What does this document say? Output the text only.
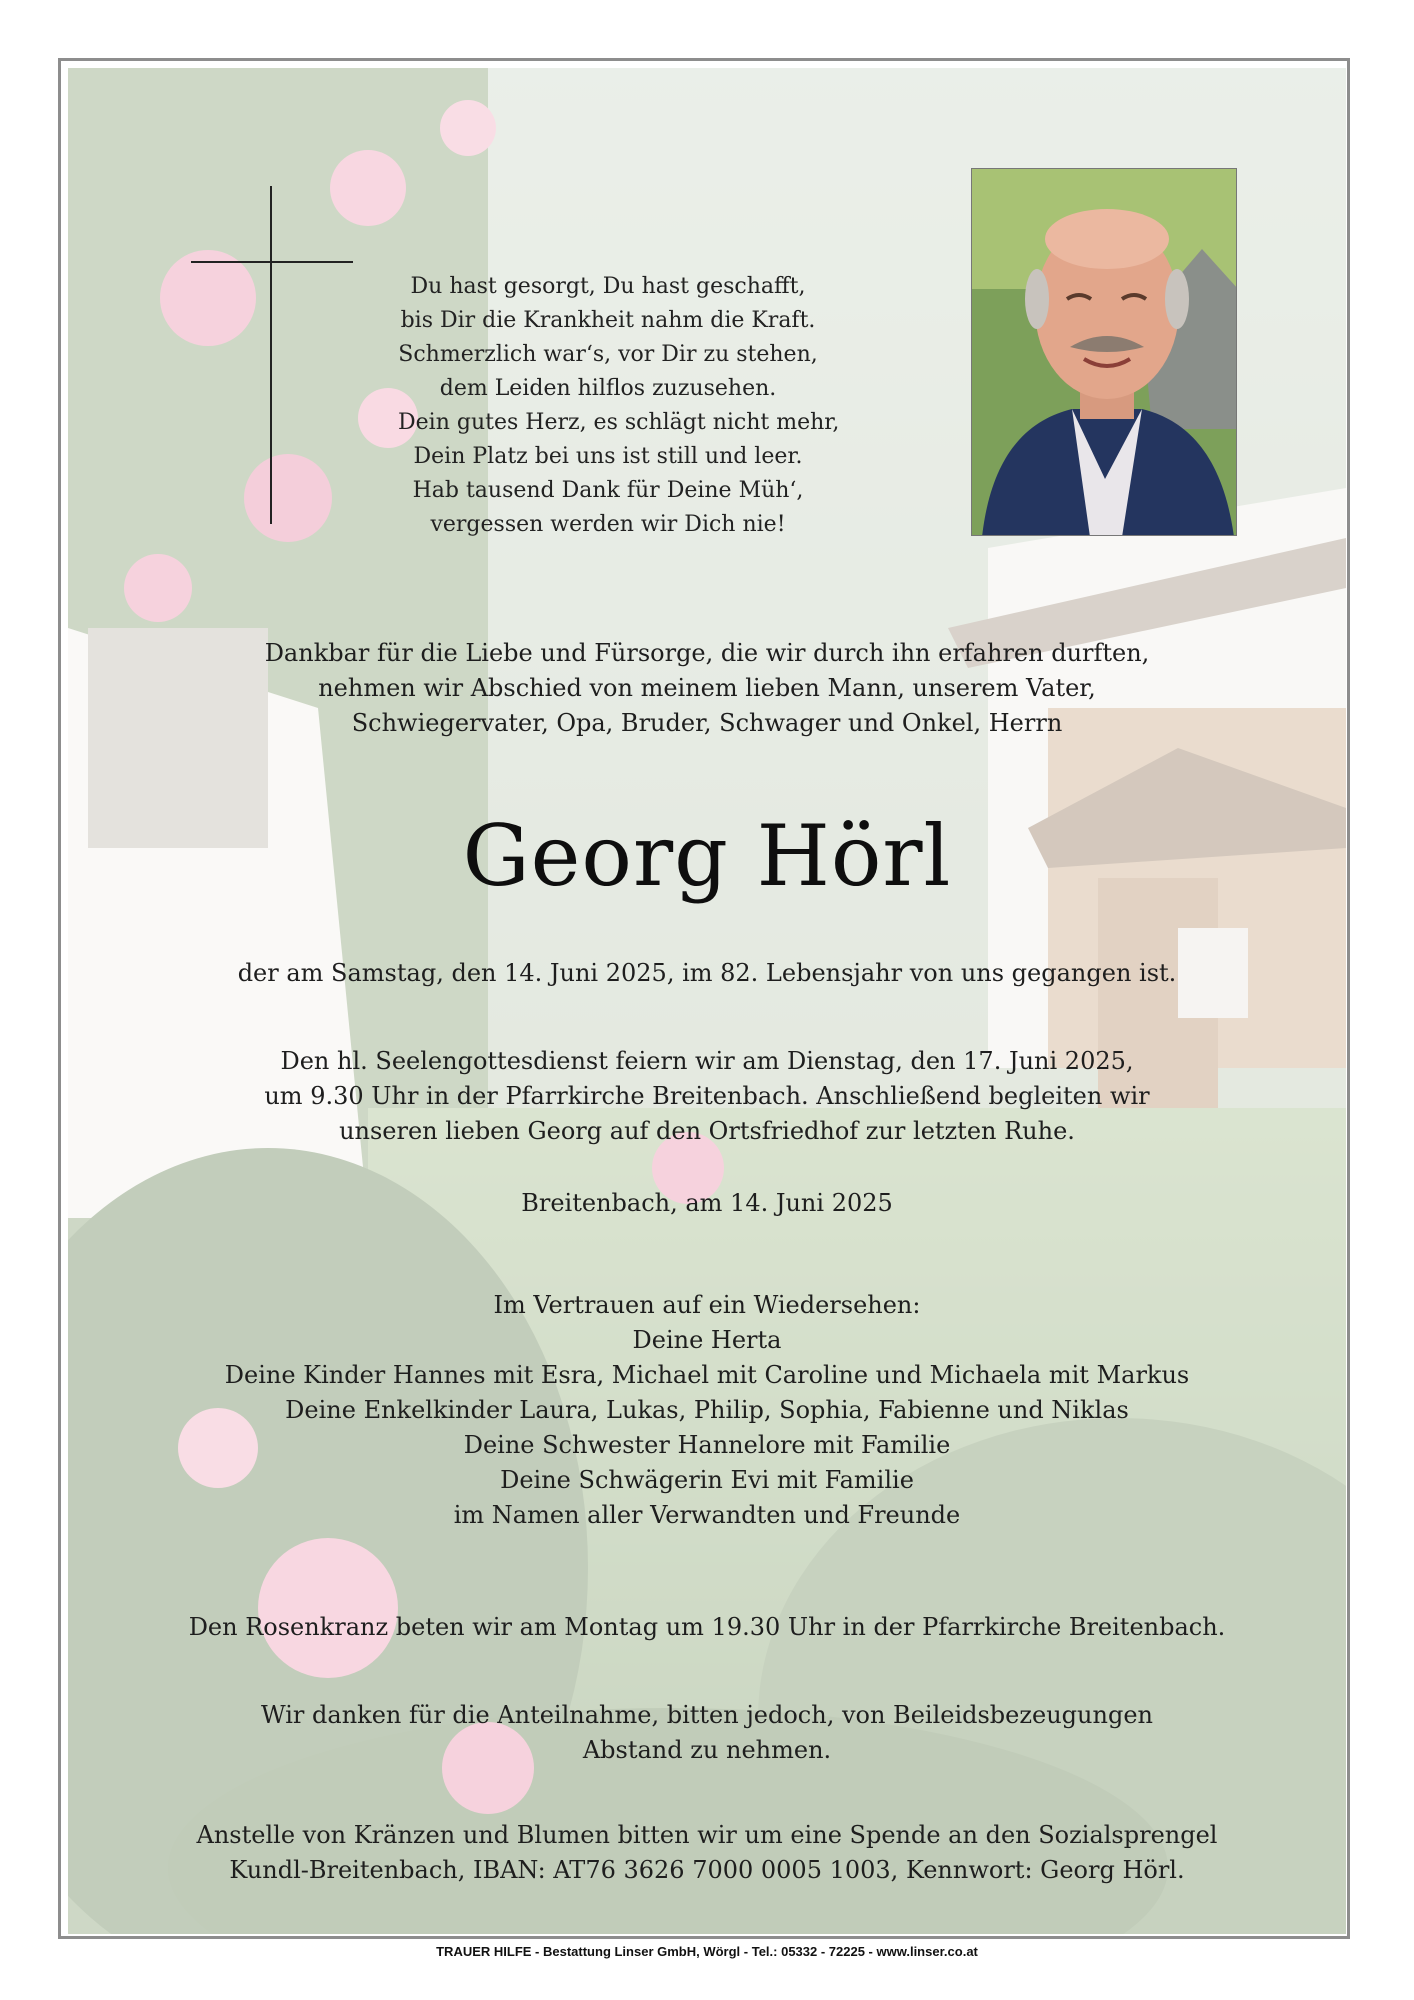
Du hast gesorgt, Du hast geschafft,
bis Dir die Krankheit nahm die Kraft.
Schmerzlich war‘s, vor Dir zu stehen,
dem Leiden hilflos zuzusehen.
Dein gutes Herz, es schlägt nicht mehr,
Dein Platz bei uns ist still und leer.
Hab tausend Dank für Deine Müh‘,
vergessen werden wir Dich nie!
Dankbar für die Liebe und Fürsorge, die wir durch ihn erfahren durften,
nehmen wir Abschied von meinem lieben Mann, unserem Vater,
Schwiegervater, Opa, Bruder, Schwager und Onkel, Herrn
Georg Hörl
der am Samstag, den 14. Juni 2025, im 82. Lebensjahr von uns gegangen ist.
Den hl. Seelengottesdienst feiern wir am Dienstag, den 17. Juni 2025,
um 9.30 Uhr in der Pfarrkirche Breitenbach. Anschließend begleiten wir
unseren lieben Georg auf den Ortsfriedhof zur letzten Ruhe.
Breitenbach, am 14. Juni 2025
Im Vertrauen auf ein Wiedersehen:
Deine Herta
Deine Kinder Hannes mit Esra, Michael mit Caroline und Michaela mit Markus
Deine Enkelkinder Laura, Lukas, Philip, Sophia, Fabienne und Niklas
Deine Schwester Hannelore mit Familie
Deine Schwägerin Evi mit Familie
im Namen aller Verwandten und Freunde
Den Rosenkranz beten wir am Montag um 19.30 Uhr in der Pfarrkirche Breitenbach.
Wir danken für die Anteilnahme, bitten jedoch, von Beileidsbezeugungen
Abstand zu nehmen.
Anstelle von Kränzen und Blumen bitten wir um eine Spende an den Sozialsprengel
Kundl-Breitenbach, IBAN: AT76 3626 7000 0005 1003, Kennwort: Georg Hörl.
TRAUER HILFE - Bestattung Linser GmbH, Wörgl - Tel.: 05332 - 72225 - www.linser.co.at
